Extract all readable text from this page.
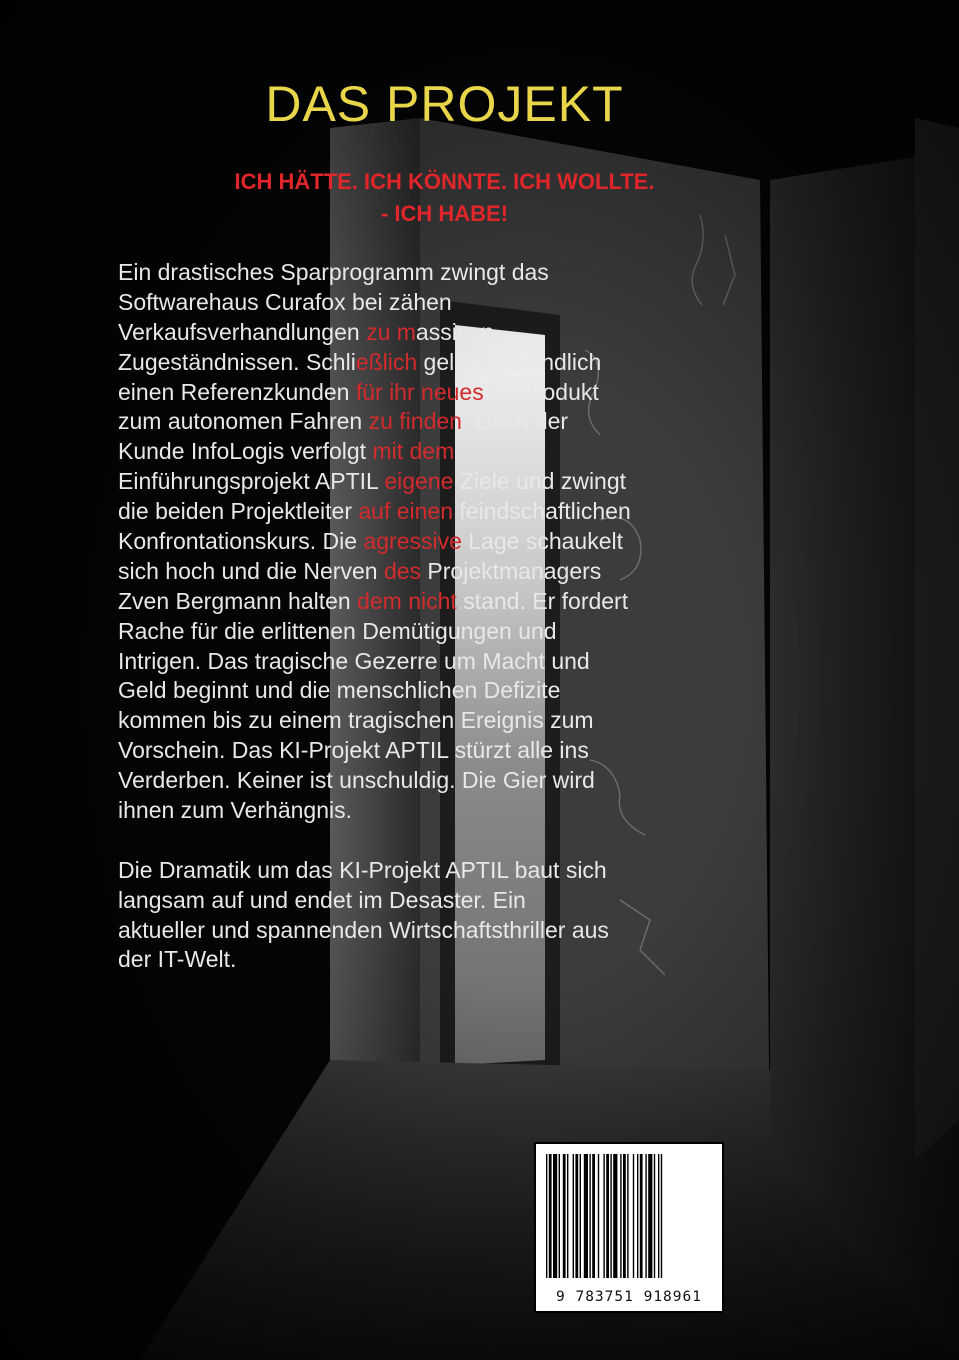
DAS PROJEKT
ICH HÄTTE. ICH KÖNNTE. ICH WOLLTE.
- ICH HABE!
Ein drastisches Sparprogramm zwingt das
Softwarehaus Curafox bei zähen
Verkaufsverhandlungen zu massiven
Zugeständnissen. Schließlich gelingt es endlich
einen Referenzkunden für ihr neues KI-Produkt
zum autonomen Fahren zu finden. Doch der
Kunde InfoLogis verfolgt mit dem
Einführungsprojekt APTIL eigene Ziele und zwingt
die beiden Projektleiter auf einen feindschaftlichen
Konfrontationskurs. Die agressive Lage schaukelt
sich hoch und die Nerven des Projektmanagers
Zven Bergmann halten dem nicht stand. Er fordert
Rache für die erlittenen Demütigungen und
Intrigen. Das tragische Gezerre um Macht und
Geld beginnt und die menschlichen Defizite
kommen bis zu einem tragischen Ereignis zum
Vorschein. Das KI-Projekt APTIL stürzt alle ins
Verderben. Keiner ist unschuldig. Die Gier wird
ihnen zum Verhängnis.
Die Dramatik um das KI-Projekt APTIL baut sich
langsam auf und endet im Desaster. Ein
aktueller und spannenden Wirtschaftsthriller aus
der IT-Welt.
9 783751 918961
